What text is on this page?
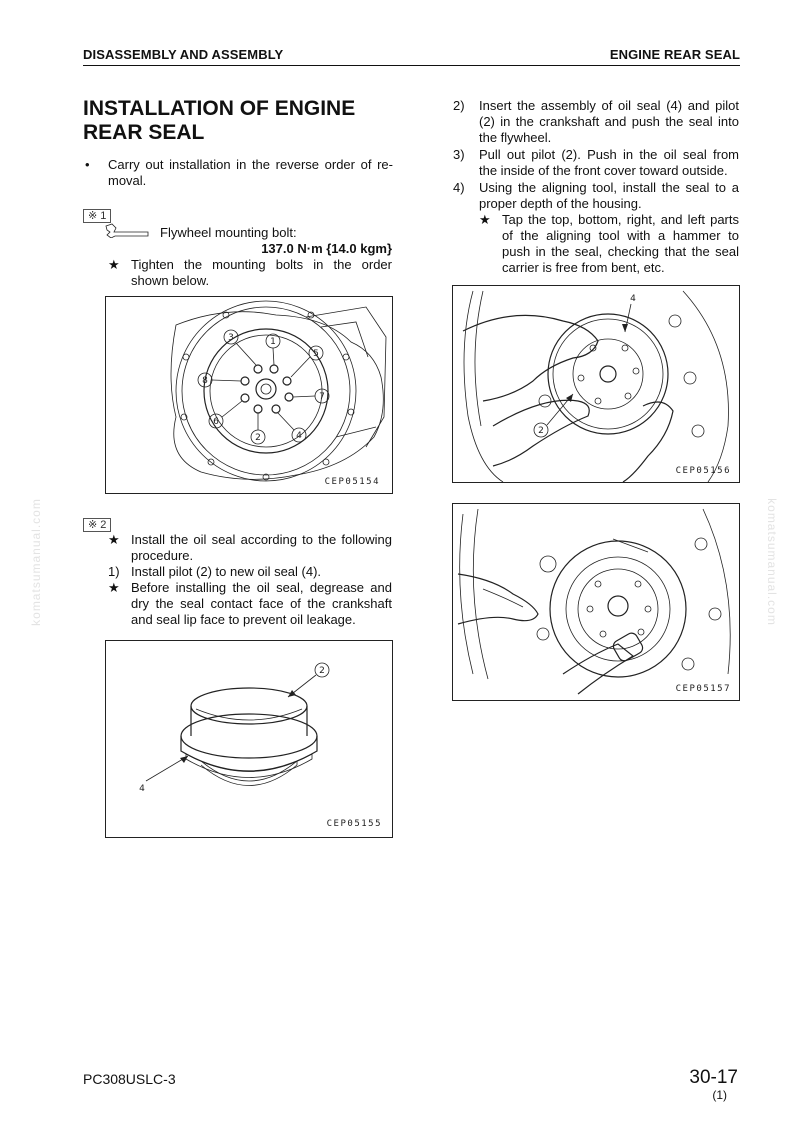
DISASSEMBLY AND ASSEMBLY	ENGINE REAR SEAL
komatsumanual.com	komatsumanual.com
INSTALLATION OF ENGINE
REAR SEAL
• Carry out installation in the reverse order of re-
moval.
※ 1
Flywheel mounting bolt:
137.0 N·m {14.0 kgm}
★ Tighten the mounting bolts in the order
shown below.
3	1
5
8
7
6
2	4
CEP05154
※ 2
★ Install the oil seal according to the following
procedure.
1) Install pilot (2) to new oil seal (4).
★ Before installing the oil seal, degrease and
dry the seal contact face of the crankshaft
and seal lip face to prevent oil leakage.
2
4
CEP05155
2) Insert the assembly of oil seal (4) and pilot
(2) in the crankshaft and push the seal into
the flywheel.
3) Pull out pilot (2). Push in the oil seal from
the inside of the front cover toward outside.
4) Using the aligning tool, install the seal to a
proper depth of the housing.
★ Tap the top, bottom, right, and left parts
of the aligning tool with a hammer to
push in the seal, checking that the seal
carrier is free from bent, etc.
4
2
CEP05156
CEP05157
PC308USLC-3	30-17
(1)
